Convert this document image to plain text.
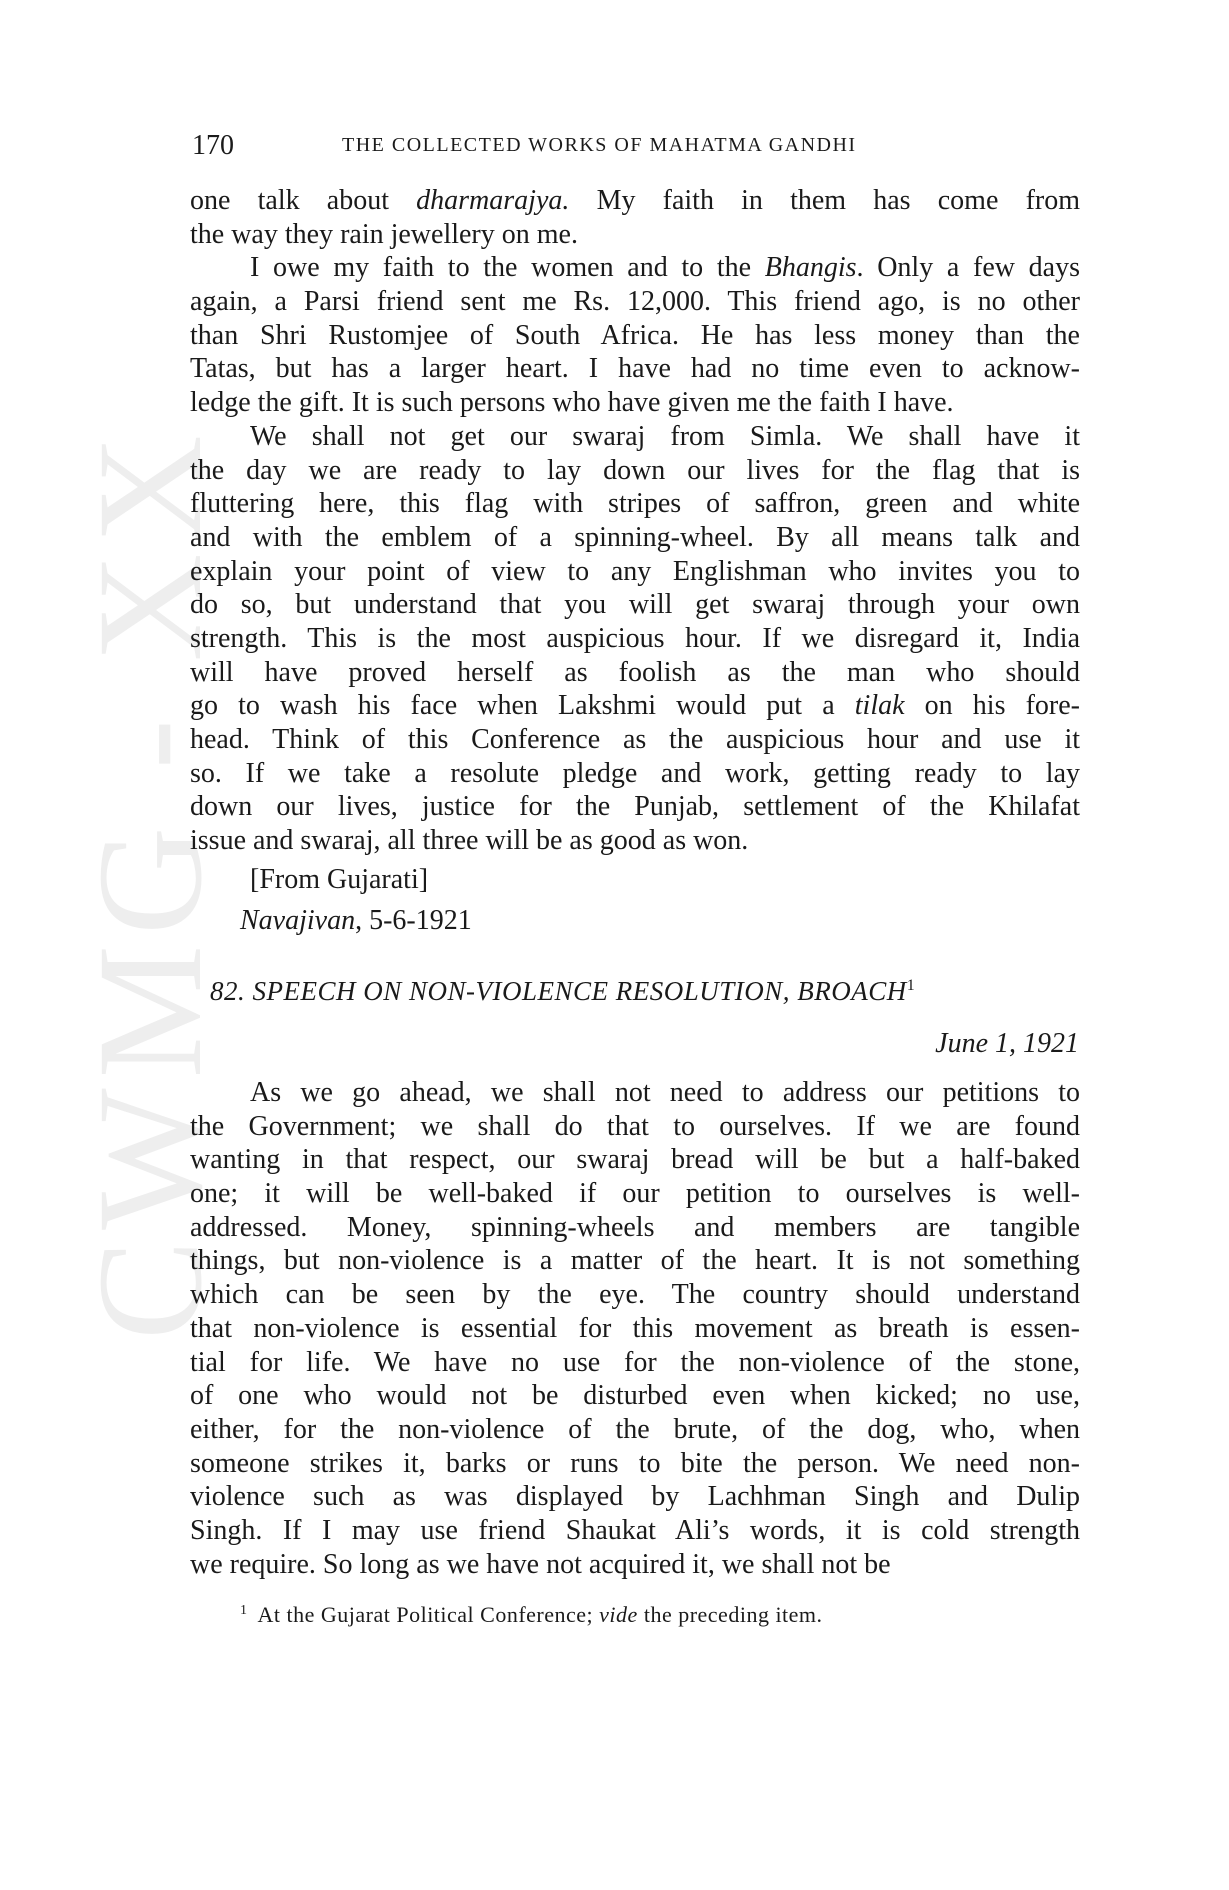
CWMG - XX
170	THE COLLECTED WORKS OF MAHATMA GANDHI
one talk about dharmarajya. My faith in them has come from
the way they rain jewellery on me.
I owe my faith to the women and to the Bhangis. Only a few days
again, a Parsi friend sent me Rs. 12,000. This friend ago, is no other
than Shri Rustomjee of South Africa. He has less money than the
Tatas, but has a larger heart. I have had no time even to acknow-
ledge the gift. It is such persons who have given me the faith I have.
We shall not get our swaraj from Simla. We shall have it
the day we are ready to lay down our lives for the flag that is
fluttering here, this flag with stripes of saffron, green and white
and with the emblem of a spinning-wheel. By all means talk and
explain your point of view to any Englishman who invites you to
do so, but understand that you will get swaraj through your own
strength. This is the most auspicious hour. If we disregard it, India
will have proved herself as foolish as the man who should
go to wash his face when Lakshmi would put a tilak on his fore-
head. Think of this Conference as the auspicious hour and use it
so. If we take a resolute pledge and work, getting ready to lay
down our lives, justice for the Punjab, settlement of the Khilafat
issue and swaraj, all three will be as good as won.
[From Gujarati]
Navajivan, 5-6-1921
82. SPEECH ON NON-VIOLENCE RESOLUTION, BROACH$^1$
June 1, 1921
As we go ahead, we shall not need to address our petitions to
the Government; we shall do that to ourselves. If we are found
wanting in that respect, our swaraj bread will be but a half-baked
one; it will be well-baked if our petition to ourselves is well-
addressed. Money, spinning-wheels and members are tangible
things, but non-violence is a matter of the heart. It is not something
which can be seen by the eye. The country should understand
that non-violence is essential for this movement as breath is essen-
tial for life. We have no use for the non-violence of the stone,
of one who would not be disturbed even when kicked; no use,
either, for the non-violence of the brute, of the dog, who, when
someone strikes it, barks or runs to bite the person. We need non-
violence such as was displayed by Lachhman Singh and Dulip
Singh. If I may use friend Shaukat Ali’s words, it is cold strength
we require. So long as we have not acquired it, we shall not be
$^1$ At the Gujarat Political Conference; vide the preceding item.
